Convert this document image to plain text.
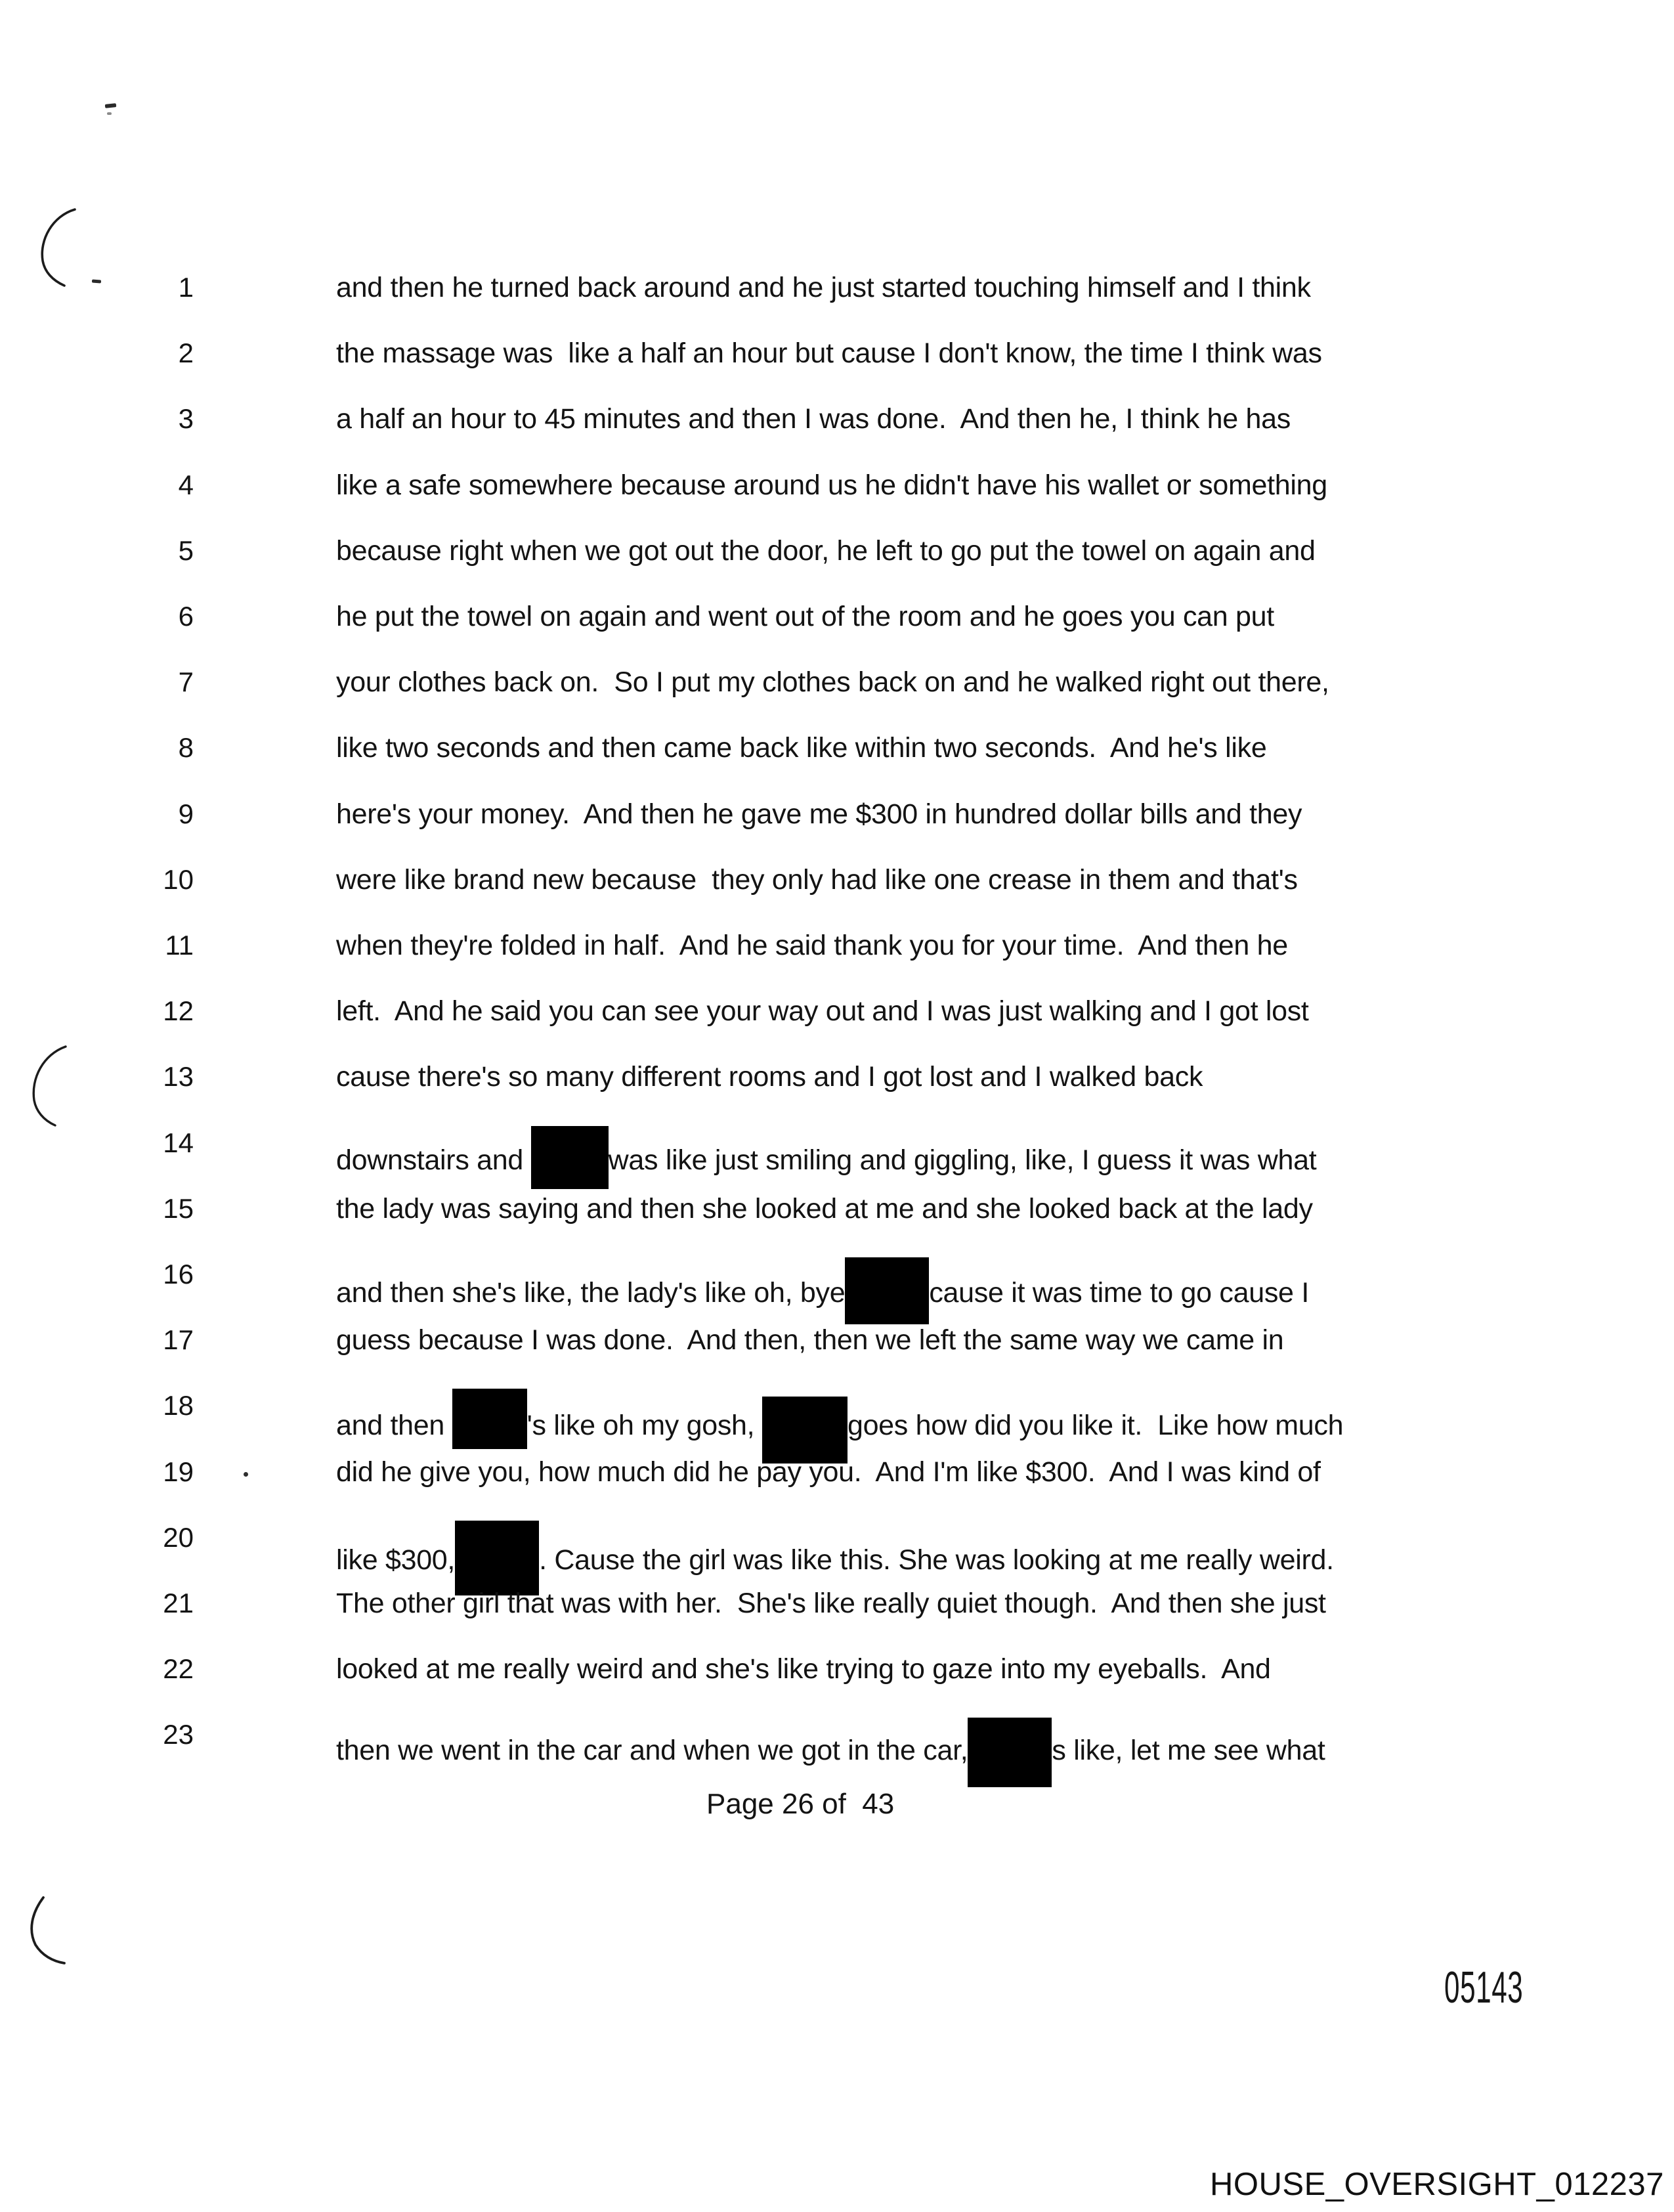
1	and then he turned back around and he just started touching himself and I think
2	the massage was  like a half an hour but cause I don't know, the time I think was
3	a half an hour to 45 minutes and then I was done.  And then he, I think he has
4	like a safe somewhere because around us he didn't have his wallet or something
5	because right when we got out the door, he left to go put the towel on again and
6	he put the towel on again and went out of the room and he goes you can put
7	your clothes back on.  So I put my clothes back on and he walked right out there,
8	like two seconds and then came back like within two seconds.  And he's like
9	here's your money.  And then he gave me $300 in hundred dollar bills and they
10	were like brand new because  they only had like one crease in them and that's
11	when they're folded in half.  And he said thank you for your time.  And then he
12	left.  And he said you can see your way out and I was just walking and I got lost
13	cause there's so many different rooms and I got lost and I walked back
14
downstairs and	was like just smiling and giggling, like, I guess it was what
15	the lady was saying and then she looked at me and she looked back at the lady
16
and then she's like, the lady's like oh, bye	cause it was time to go cause I
17	guess because I was done.  And then, then we left the same way we came in
18
and then	's like oh my gosh,	goes how did you like it.  Like how much
19	did he give you, how much did he pay you.  And I'm like $300.  And I was kind of
20
like $300,	. Cause the girl was like this. She was looking at me really weird.
21	The other girl that was with her.  She's like really quiet though.  And then she just
22	looked at me really weird and she's like trying to gaze into my eyeballs.  And
23
then we went in the car and when we got in the car,	s like, let me see what
Page 26 of  43
05143
HOUSE_OVERSIGHT_012237
